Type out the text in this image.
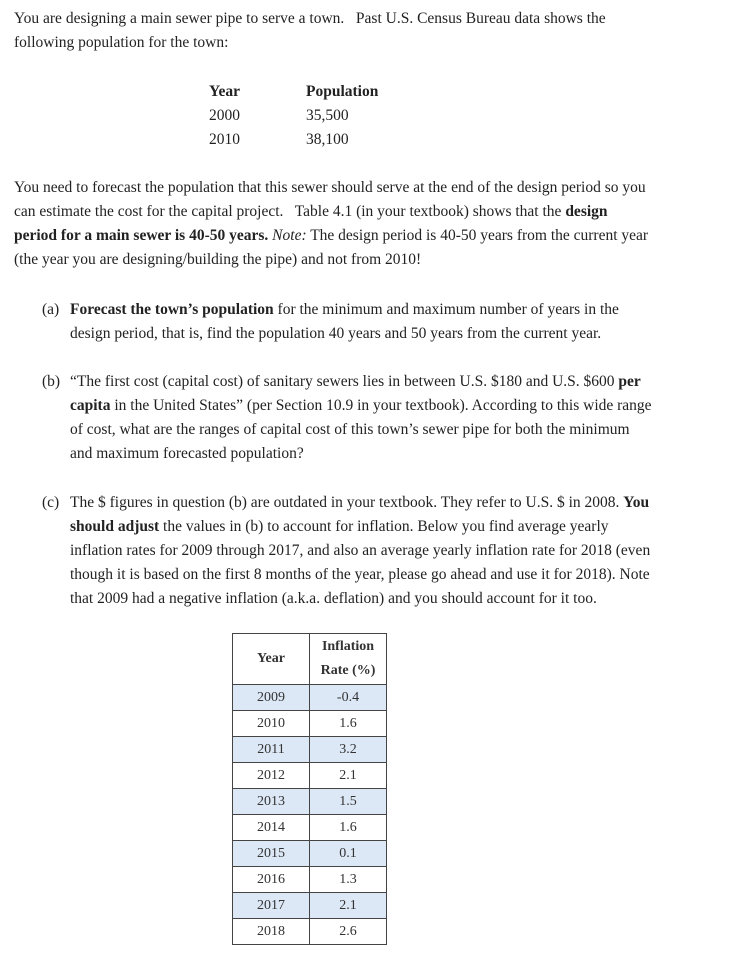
You are designing a main sewer pipe to serve a town.   Past U.S. Census Bureau data shows the
following population for the town:
Year	Population
2000	35,500
2010	38,100
You need to forecast the population that this sewer should serve at the end of the design period so you
can estimate the cost for the capital project.   Table 4.1 (in your textbook) shows that the design
period for a main sewer is 40-50 years. Note: The design period is 40-50 years from the current year
(the year you are designing/building the pipe) and not from 2010!
(a) Forecast the town’s population for the minimum and maximum number of years in the
design period, that is, find the population 40 years and 50 years from the current year.
(b) “The first cost (capital cost) of sanitary sewers lies in between U.S. $180 and U.S. $600 per
capita in the United States” (per Section 10.9 in your textbook). According to this wide range
of cost, what are the ranges of capital cost of this town’s sewer pipe for both the minimum
and maximum forecasted population?
(c) The $ figures in question (b) are outdated in your textbook. They refer to U.S. $ in 2008. You
should adjust the values in (b) to account for inflation. Below you find average yearly
inflation rates for 2009 through 2017, and also an average yearly inflation rate for 2018 (even
though it is based on the first 8 months of the year, please go ahead and use it for 2018). Note
that 2009 had a negative inflation (a.k.a. deflation) and you should account for it too.
Year	Inflation
Rate (%)

2009	-0.4
2010	1.6
2011	3.2
2012	2.1
2013	1.5
2014	1.6
2015	0.1
2016	1.3
2017	2.1
2018	2.6
